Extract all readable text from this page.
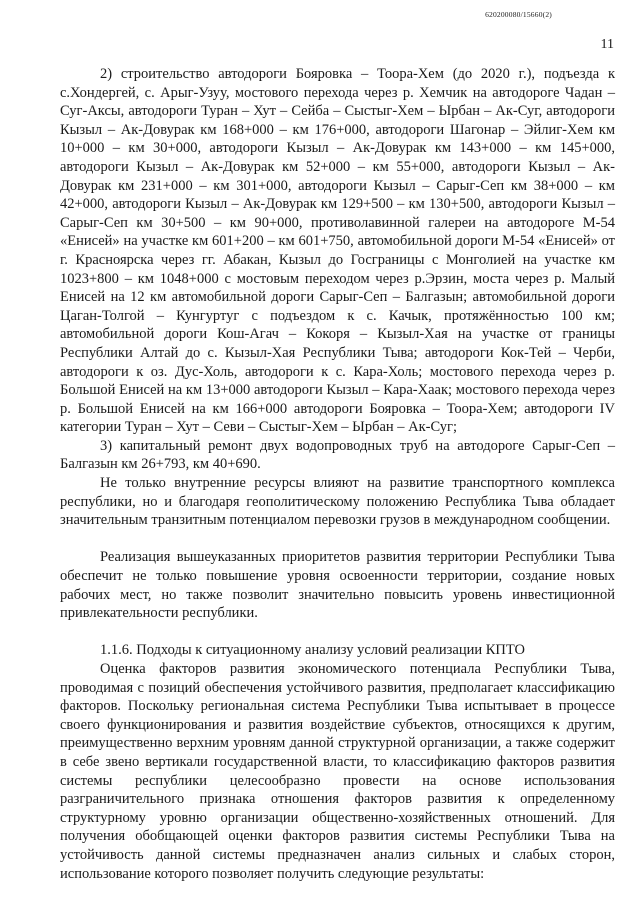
620200080/15660(2)
11

2) строительство автодороги Бояровка – Тоора-Хем (до 2020 г.), подъезда к с.Хондергей, с. Арыг-Узуу, мостового перехода через р. Хемчик на автодороге Чадан – Суг-Аксы, автодороги Туран – Хут – Сейба – Сыстыг-Хем – Ырбан – Ак-Суг, автодороги Кызыл – Ак-Довурак км 168+000 – км 176+000, автодороги Шагонар – Эйлиг-Хем км 10+000 – км 30+000, автодороги Кызыл – Ак-Довурак км 143+000 – км 145+000, автодороги Кызыл – Ак-Довурак км 52+000 – км 55+000, автодороги Кызыл – Ак-Довурак км 231+000 – км 301+000, автодороги Кызыл – Сарыг-Сеп км 38+000 – км 42+000, автодороги Кызыл – Ак-Довурак км 129+500 – км 130+500, автодороги Кызыл – Сарыг-Сеп км 30+500 – км 90+000, противолавинной галереи на автодороге М-54 «Енисей» на участке км 601+200 – км 601+750, автомобильной дороги М-54 «Енисей» от г. Красноярска через гг. Абакан, Кызыл до Госграницы с Монголией на участке км 1023+800 – км 1048+000 с мостовым переходом через р.Эрзин, моста через р. Малый Енисей на 12 км автомобильной дороги Сарыг-Сеп – Балгазын; автомобильной дороги Цаган-Толгой – Кунгуртуг с подъездом к с. Качык, протяжённостью 100 км; автомобильной дороги Кош-Агач – Кокоря – Кызыл-Хая на участке от границы Республики Алтай до с. Кызыл-Хая Республики Тыва; автодороги Кок-Тей – Черби, автодороги к оз. Дус-Холь, автодороги к с. Кара-Холь; мостового перехода через р. Большой Енисей на км 13+000 автодороги Кызыл – Кара-Хаак; мостового перехода через р. Большой Енисей на км 166+000 автодороги Бояровка – Тоора-Хем; автодороги IV категории Туран – Хут – Севи – Сыстыг-Хем – Ырбан – Ак-Суг;

3) капитальный ремонт двух водопроводных труб на автодороге Сарыг-Сеп – Балгазын км 26+793, км 40+690.

Не только внутренние ресурсы влияют на развитие транспортного комплекса республики, но и благодаря геополитическому положению Республика Тыва обладает значительным транзитным потенциалом перевозки грузов в международном сообщении.

Реализация вышеуказанных приоритетов развития территории Республики Тыва обеспечит не только повышение уровня освоенности территории, создание новых рабочих мест, но также позволит значительно повысить уровень инвестиционной привлекательности республики.

1.1.6. Подходы к ситуационному анализу условий реализации КПТО

Оценка факторов развития экономического потенциала Республики Тыва, проводимая с позиций обеспечения устойчивого развития, предполагает классификацию факторов. Поскольку региональная система Республики Тыва испытывает в процессе своего функционирования и развития воздействие субъектов, относящихся к другим, преимущественно верхним уровням данной структурной организации, а также содержит в себе звено вертикали государственной власти, то классификацию факторов развития системы республики целесообразно провести на основе использования разграничительного признака отношения факторов развития к определенному структурному уровню организации общественно-хозяйственных отношений. Для получения обобщающей оценки факторов развития системы Республики Тыва на устойчивость данной системы предназначен анализ сильных и слабых сторон, использование которого позволяет получить следующие результаты:
